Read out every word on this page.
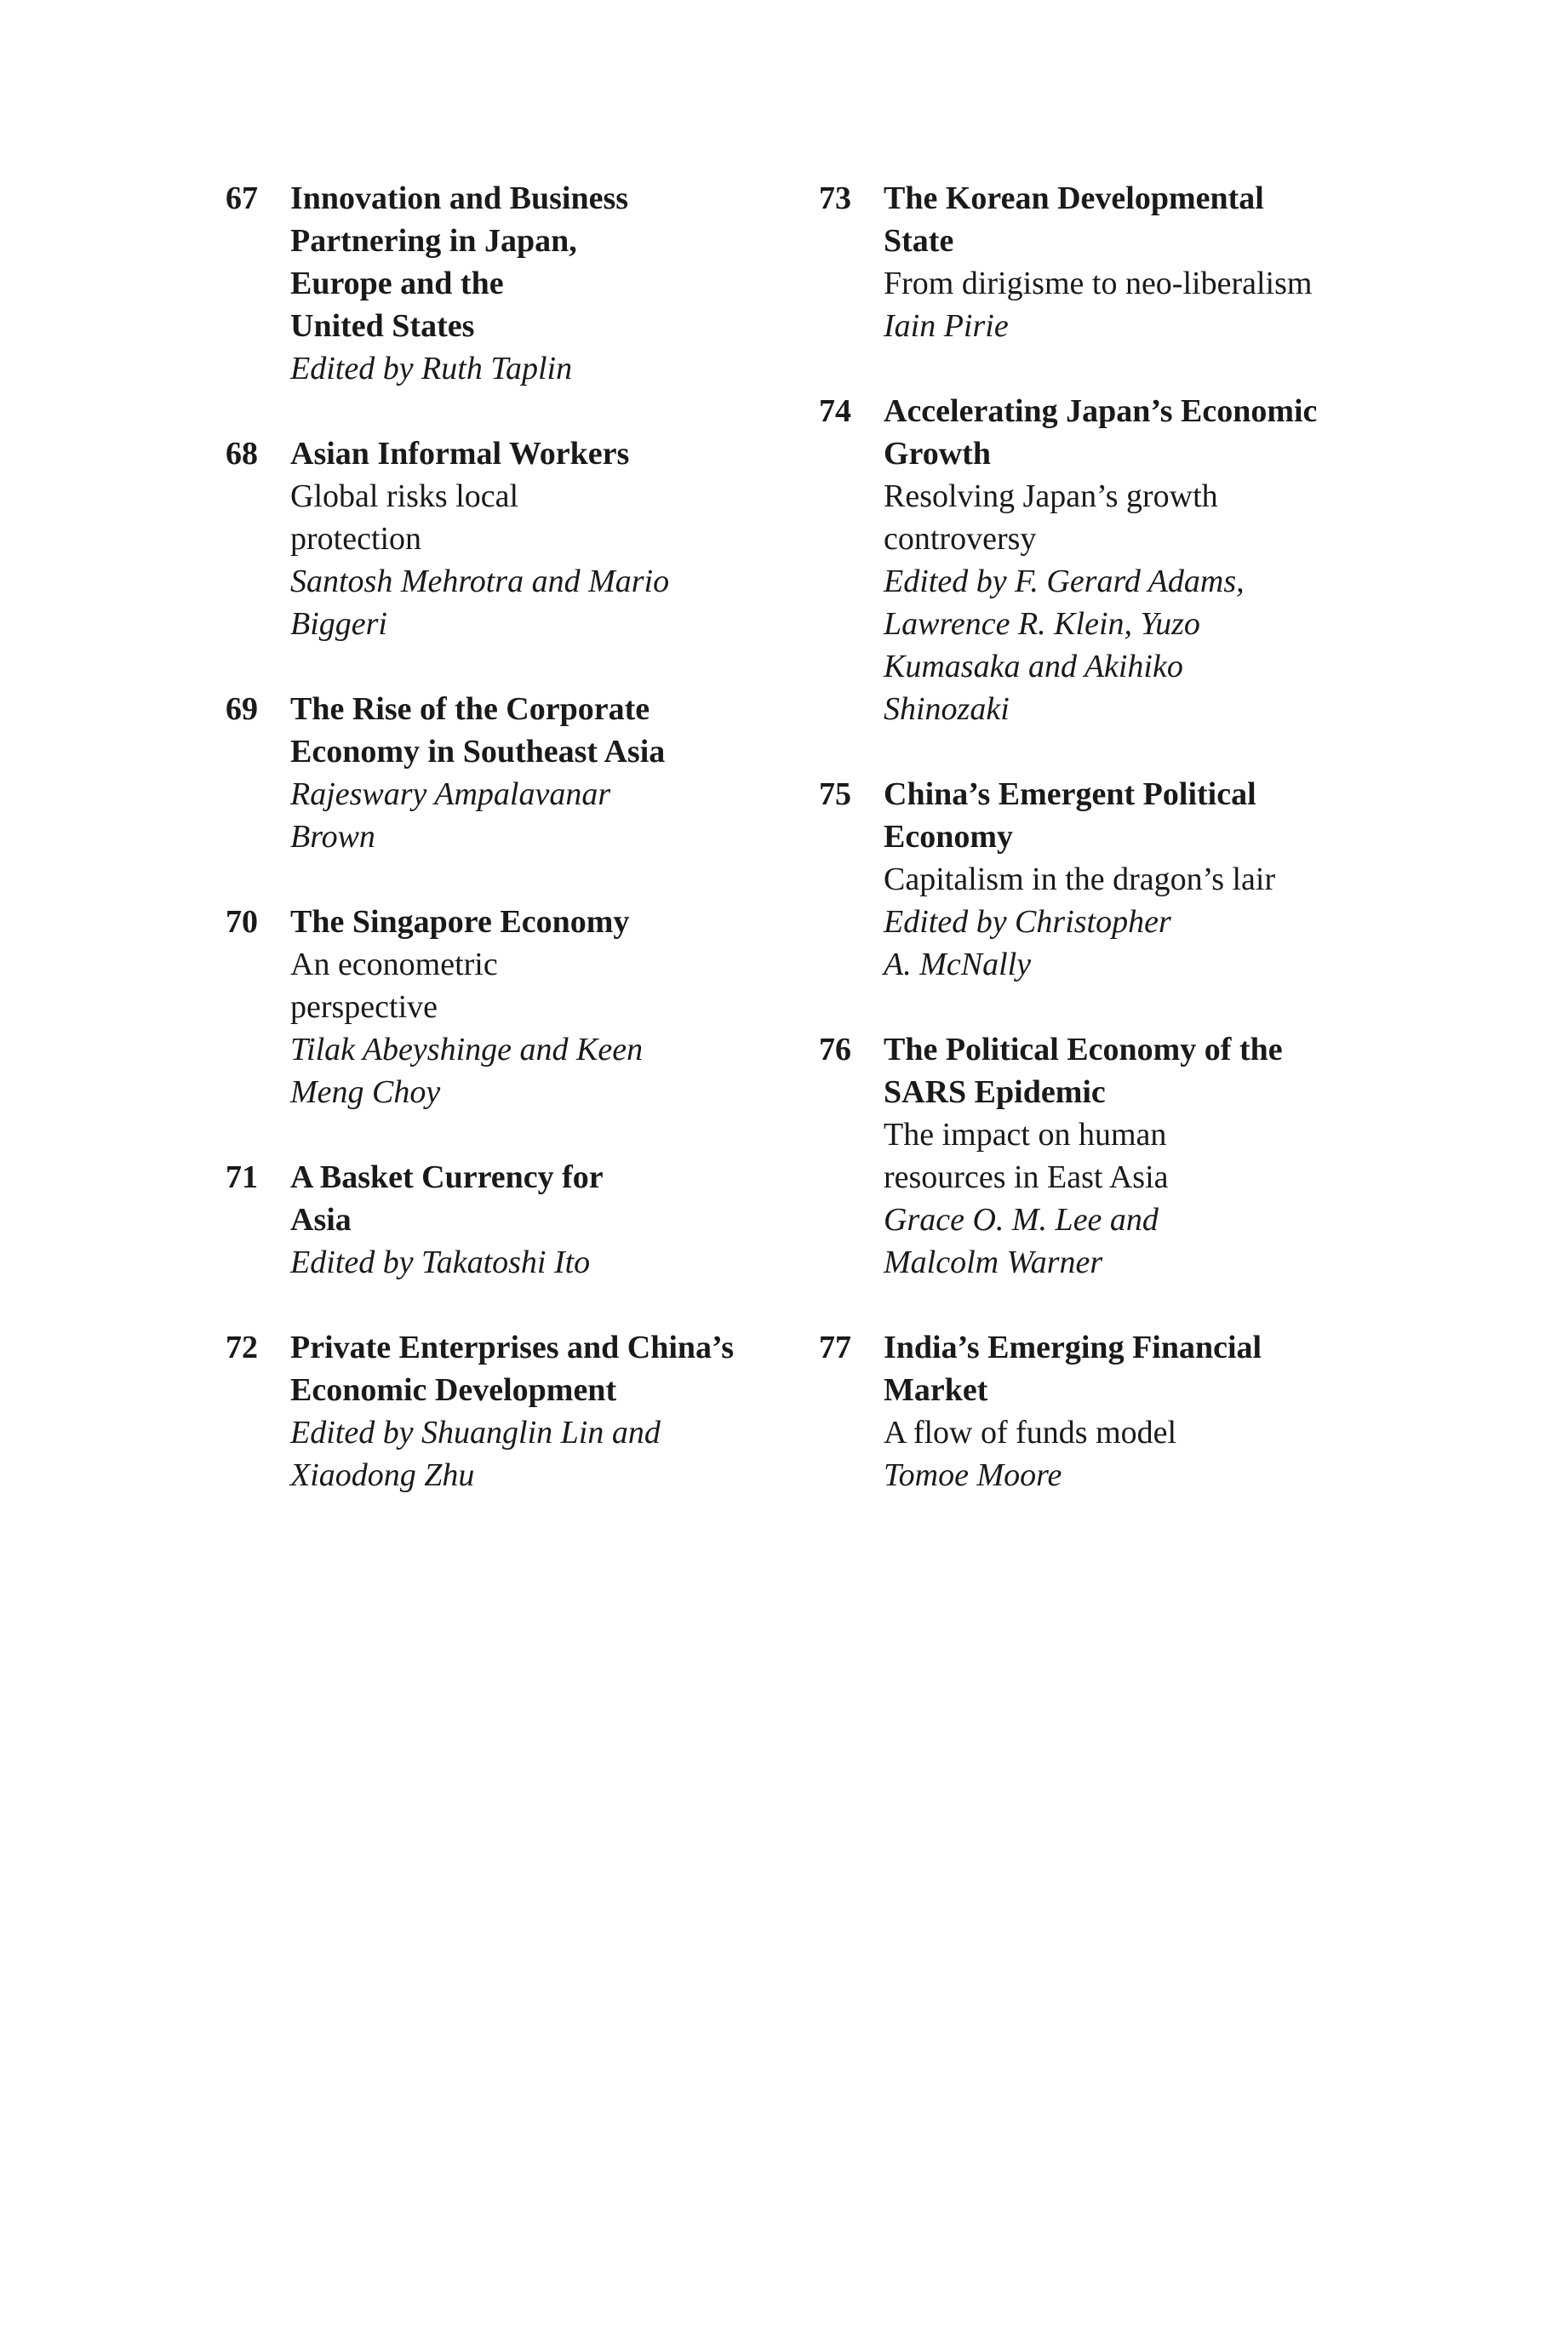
67 Innovation and Business
Partnering in Japan,
Europe and the
United States
Edited by Ruth Taplin
68 Asian Informal Workers
Global risks local
protection
Santosh Mehrotra and Mario
Biggeri
69 The Rise of the Corporate
Economy in Southeast Asia
Rajeswary Ampalavanar
Brown
70 The Singapore Economy
An econometric
perspective
Tilak Abeyshinge and Keen
Meng Choy
71 A Basket Currency for
Asia
Edited by Takatoshi Ito
72 Private Enterprises and China’s
Economic Development
Edited by Shuanglin Lin and
Xiaodong Zhu
73 The Korean Developmental
State
From dirigisme to neo-liberalism
Iain Pirie
74 Accelerating Japan’s Economic
Growth
Resolving Japan’s growth
controversy
Edited by F. Gerard Adams,
Lawrence R. Klein, Yuzo
Kumasaka and Akihiko
Shinozaki
75 China’s Emergent Political
Economy
Capitalism in the dragon’s lair
Edited by Christopher
A. McNally
76 The Political Economy of the
SARS Epidemic
The impact on human
resources in East Asia
Grace O. M. Lee and
Malcolm Warner
77 India’s Emerging Financial
Market
A flow of funds model
Tomoe Moore
